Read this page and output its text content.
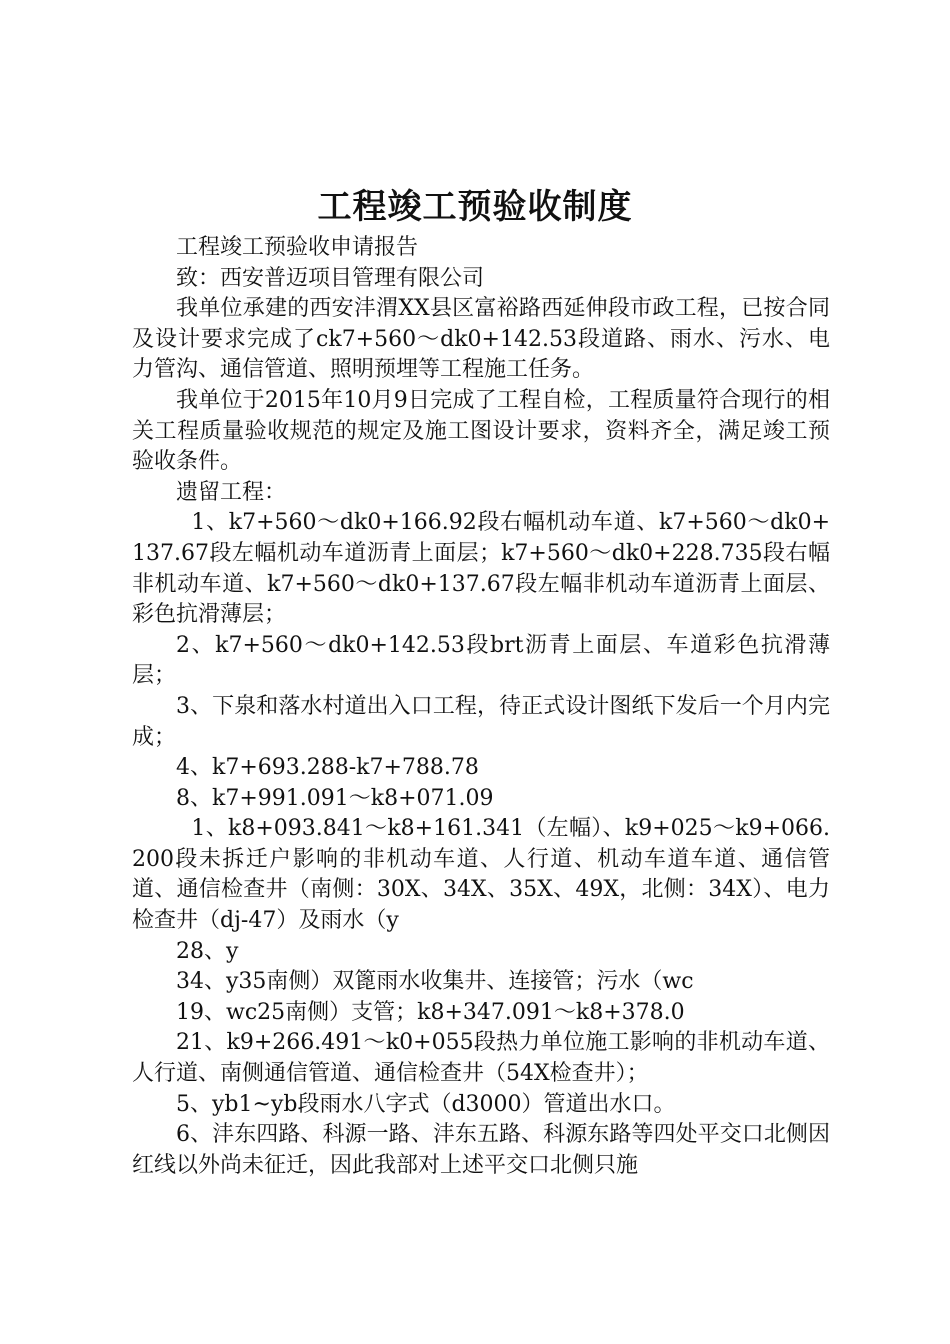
工程竣工预验收制度

工程竣工预验收申请报告

致：西安普迈项目管理有限公司

我单位承建的西安沣渭XX县区富裕路西延伸段市政工程，已按合同及设计要求完成了ck7+560～dk0+142.53段道路、雨水、污水、电力管沟、通信管道、照明预埋等工程施工任务。

我单位于2015年10月9日完成了工程自检，工程质量符合现行的相关工程质量验收规范的规定及施工图设计要求，资料齐全，满足竣工预验收条件。

遗留工程：

1、k7+560～dk0+166.92段右幅机动车道、k7+560～dk0+137.67段左幅机动车道沥青上面层；k7+560～dk0+228.735段右幅非机动车道、k7+560～dk0+137.67段左幅非机动车道沥青上面层、彩色抗滑薄层；

2、k7+560～dk0+142.53段brt沥青上面层、车道彩色抗滑薄层；

3、下泉和落水村道出入口工程，待正式设计图纸下发后一个月内完成；

4、k7+693.288-k7+788.78

8、k7+991.091～k8+071.09

1、k8+093.841～k8+161.341（左幅）、k9+025～k9+066.200段未拆迁户影响的非机动车道、人行道、机动车道车道、通信管道、通信检查井（南侧：30X、34X、35X、49X，北侧：34X）、电力检查井（dj-47）及雨水（y

28、y

34、y35南侧）双篦雨水收集井、连接管；污水（wc

19、wc25南侧）支管；k8+347.091～k8+378.0

21、k9+266.491～k0+055段热力单位施工影响的非机动车道、人行道、南侧通信管道、通信检查井（54X检查井）；

5、yb1~yb段雨水八字式（d3000）管道出水口。

6、沣东四路、科源一路、沣东五路、科源东路等四处平交口北侧因红线以外尚未征迁，因此我部对上述平交口北侧只施
